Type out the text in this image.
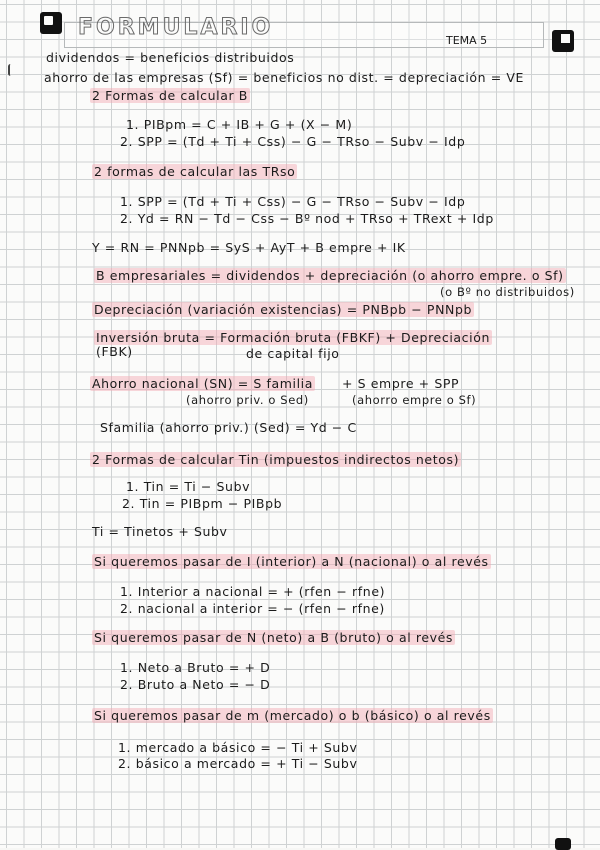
FORMULARIO
TEMA 5
dividendos = beneficios distribuidos
ahorro de las empresas (Sf) = beneficios no dist. = depreciación = VE
2 Formas de calcular B
1. PIBpm = C + IB + G + (X − M)
2. SPP = (Td + Ti + Css) − G − TRso − Subv − Idp
2 formas de calcular las TRso
1. SPP = (Td + Ti + Css) − G − TRso − Subv − Idp
2. Yd = RN − Td − Css − Bº nod + TRso + TRext + Idp
Y = RN = PNNpb = SyS + AyT + B empre + IK
B empresariales = dividendos + depreciación (o ahorro empre. o Sf)
(o Bº no distribuidos)
Depreciación (variación existencias) = PNBpb − PNNpb
Inversión bruta = Formación bruta (FBKF) + Depreciación
(FBK)	de capital fijo
Ahorro nacional (SN) = S familia + S empre + SPP
(ahorro priv. o Sed)	(ahorro empre o Sf)
Sfamilia (ahorro priv.) (Sed) = Yd − C
2 Formas de calcular Tin (impuestos indirectos netos)
1. Tin = Ti − Subv
2. Tin = PIBpm − PIBpb
Ti = Tinetos + Subv
Si queremos pasar de I (interior) a N (nacional) o al revés
1. Interior a nacional = + (rfen − rfne)
2. nacional a interior = − (rfen − rfne)
Si queremos pasar de N (neto) a B (bruto) o al revés
1. Neto a Bruto = + D
2. Bruto a Neto = − D
Si queremos pasar de m (mercado) o b (básico) o al revés
1. mercado a básico = − Ti + Subv
2. básico a mercado = + Ti − Subv
